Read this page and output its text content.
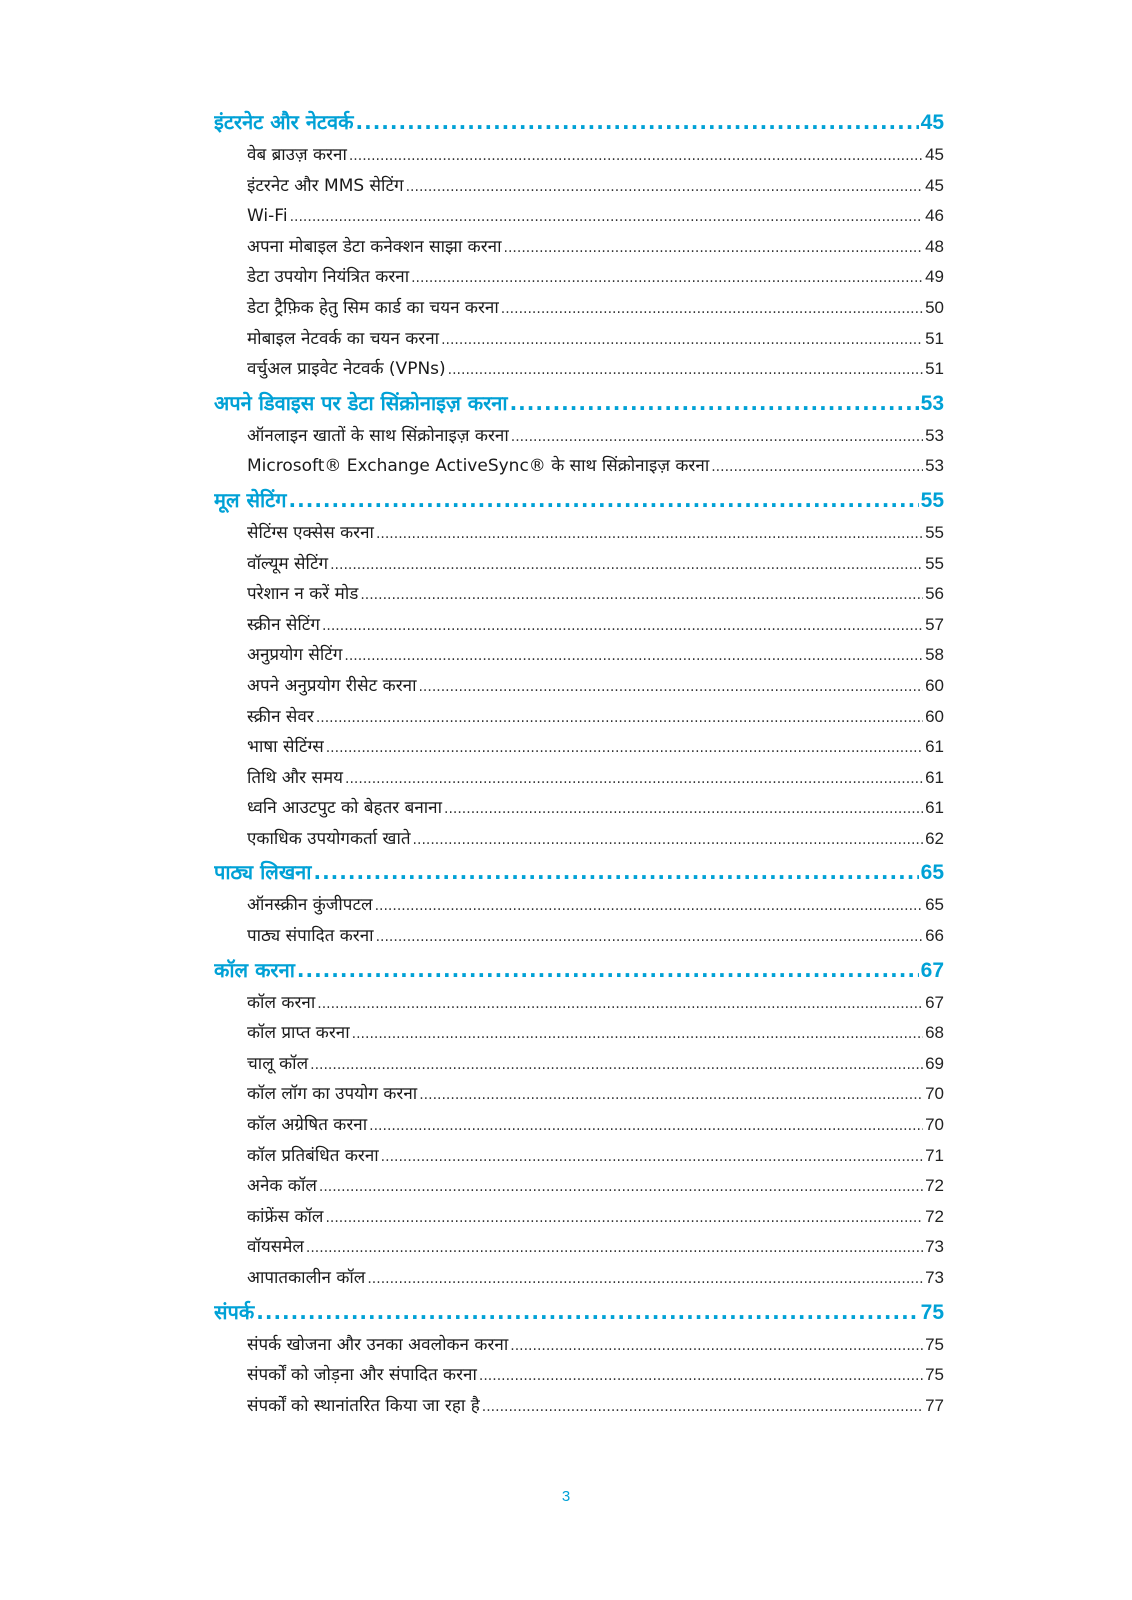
इंटरनेट और नेटवर्क .....	45
वेब ब्राउज़ करना .....	45
इंटरनेट और MMS सेटिंग .....	45
Wi-Fi .....	46
अपना मोबाइल डेटा कनेक्शन साझा करना .....	48
डेटा उपयोग नियंत्रित करना .....	49
डेटा ट्रैफ़िक हेतु सिम कार्ड का चयन करना .....	50
मोबाइल नेटवर्क का चयन करना .....	51
वर्चुअल प्राइवेट नेटवर्क (VPNs) .....	51
अपने डिवाइस पर डेटा सिंक्रोनाइज़ करना .....	53
ऑनलाइन खातों के साथ सिंक्रोनाइज़ करना .....	53
Microsoft® Exchange ActiveSync® के साथ सिंक्रोनाइज़ करना .....	53
मूल सेटिंग .....	55
सेटिंग्स एक्सेस करना .....	55
वॉल्यूम सेटिंग .....	55
परेशान न करें मोड .....	56
स्क्रीन सेटिंग .....	57
अनुप्रयोग सेटिंग .....	58
अपने अनुप्रयोग रीसेट करना .....	60
स्क्रीन सेवर .....	60
भाषा सेटिंग्स .....	61
तिथि और समय .....	61
ध्वनि आउटपुट को बेहतर बनाना .....	61
एकाधिक उपयोगकर्ता खाते .....	62
पाठ्य लिखना .....	65
ऑनस्क्रीन कुंजीपटल .....	65
पाठ्य संपादित करना .....	66
कॉल करना .....	67
कॉल करना .....	67
कॉल प्राप्त करना .....	68
चालू कॉल .....	69
कॉल लॉग का उपयोग करना .....	70
कॉल अग्रेषित करना .....	70
कॉल प्रतिबंधित करना .....	71
अनेक कॉल .....	72
कांफ्रेंस कॉल .....	72
वॉयसमेल .....	73
आपातकालीन कॉल .....	73
संपर्क .....	75
संपर्क खोजना और उनका अवलोकन करना .....	75
संपर्कों को जोड़ना और संपादित करना .....	75
संपर्कों को स्थानांतरित किया जा रहा है .....	77
3
